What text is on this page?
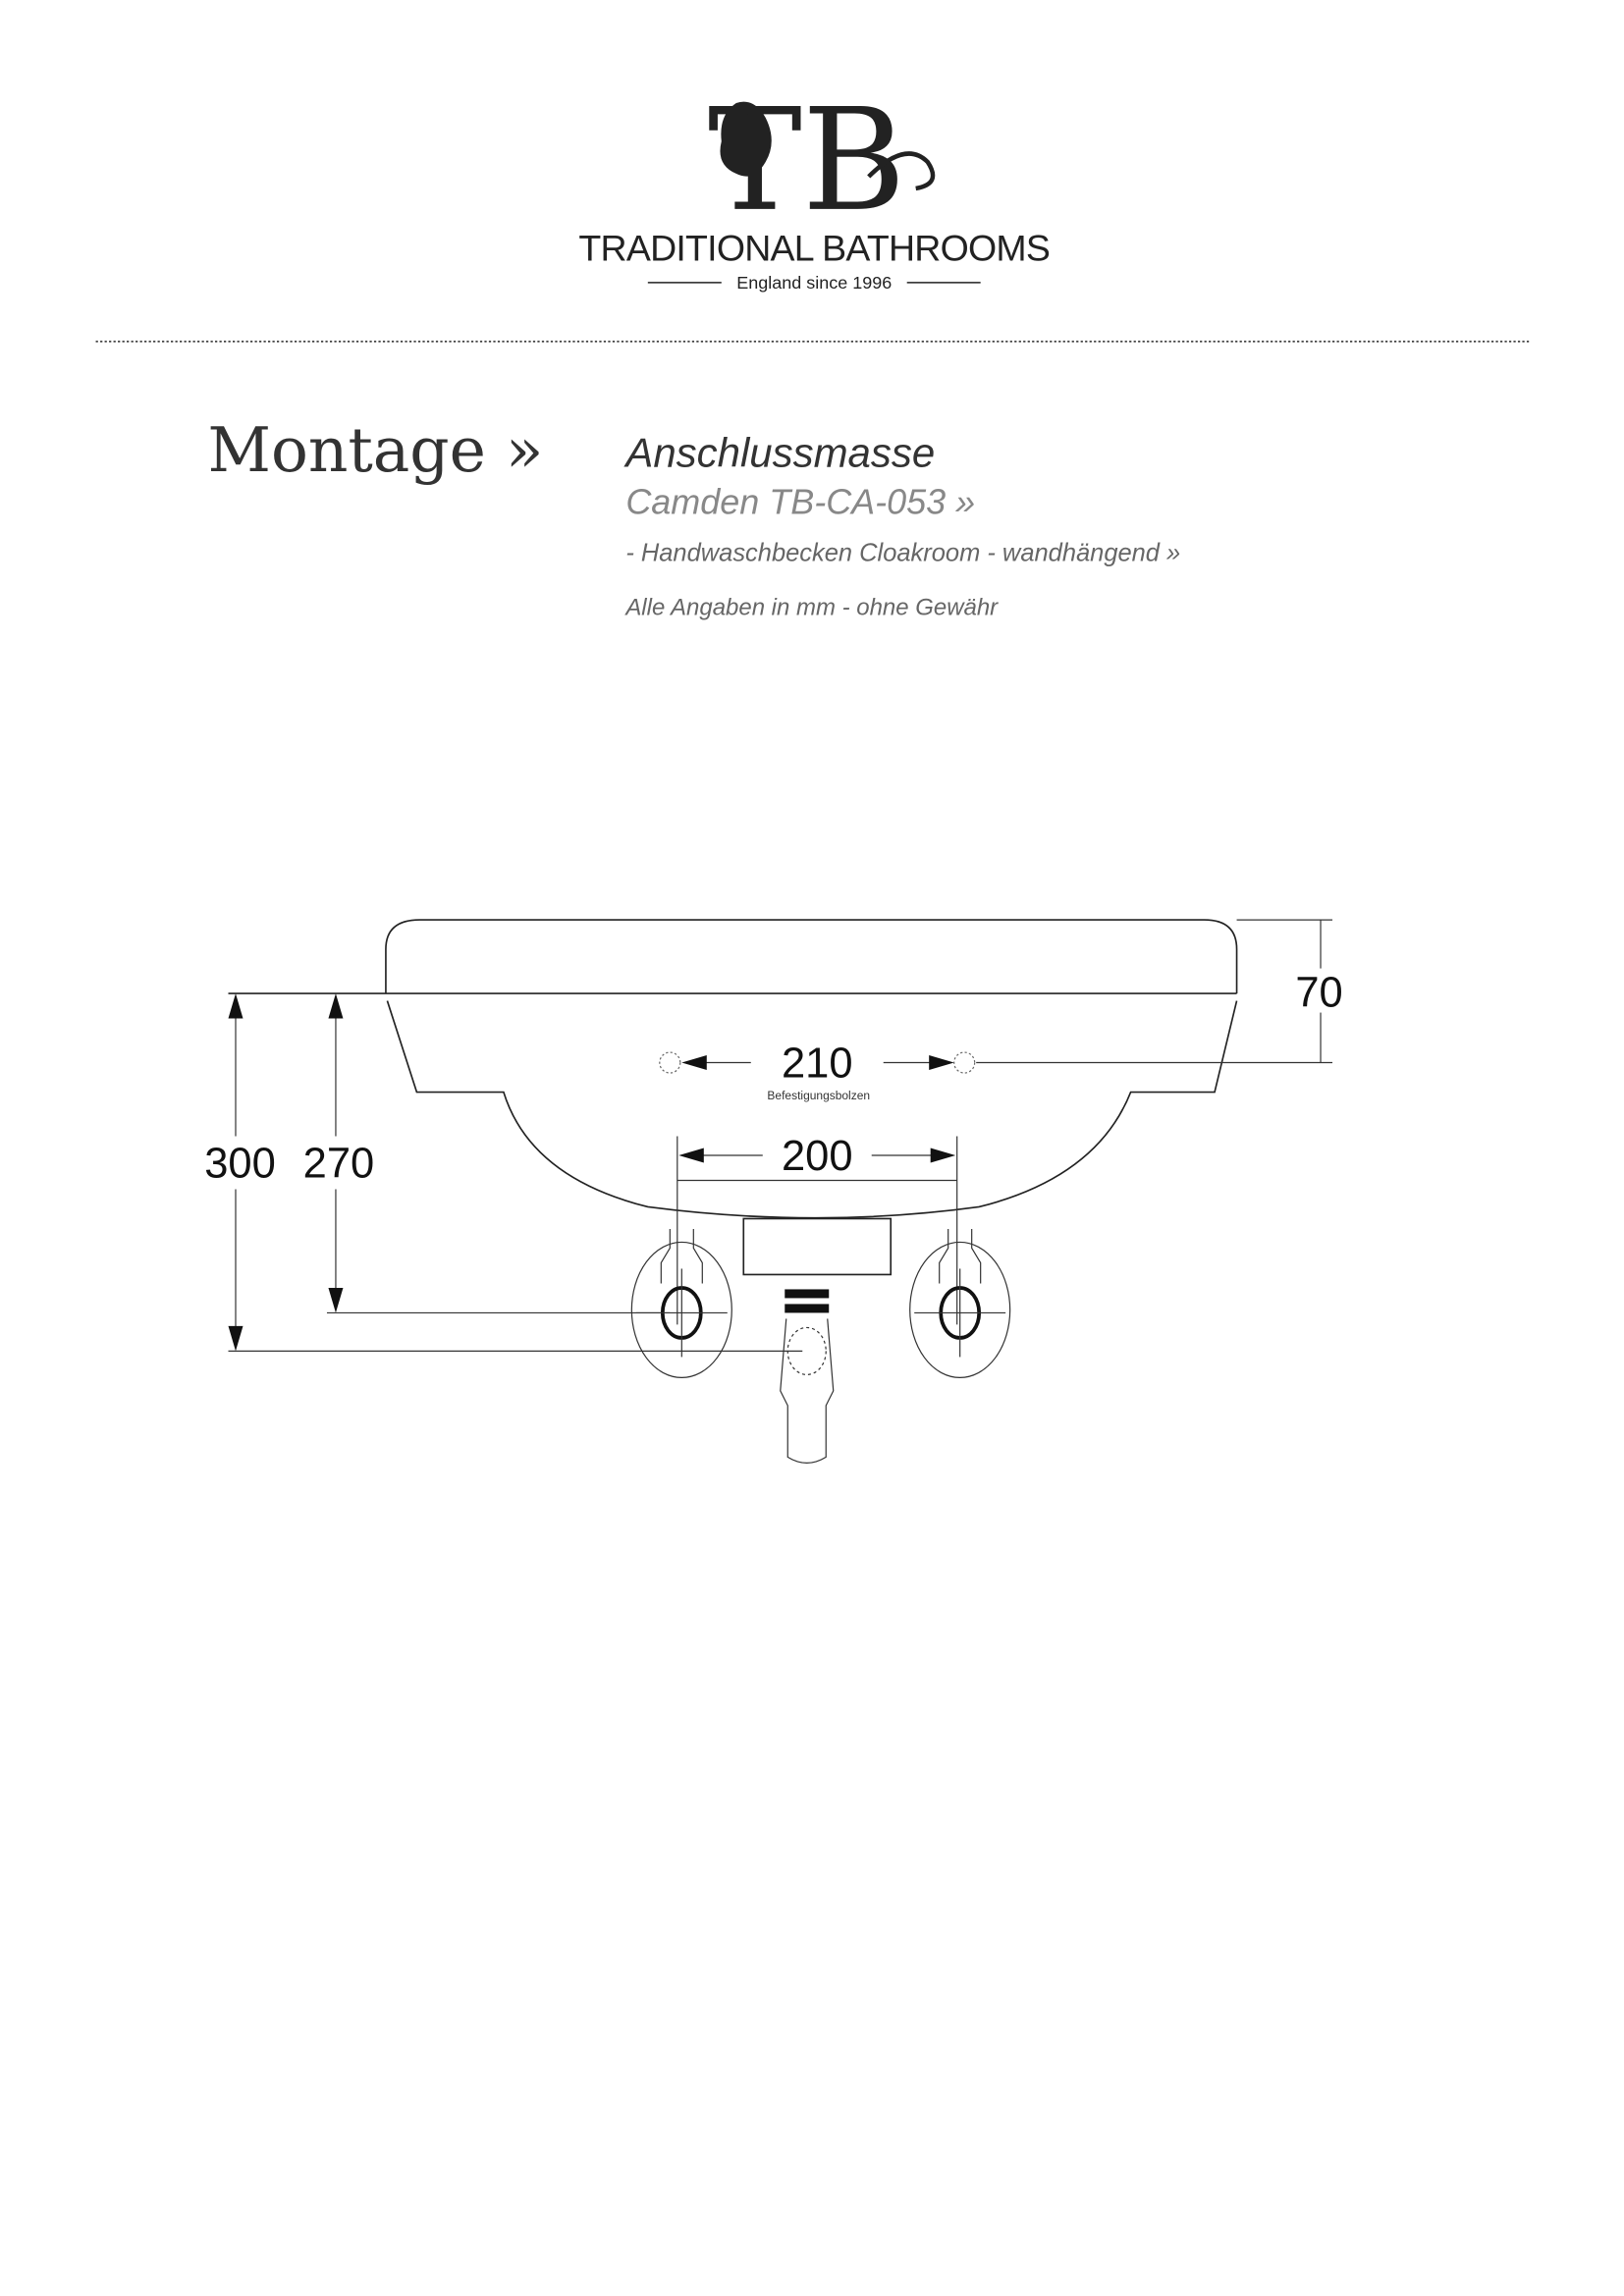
TB
TRADITIONAL BATHROOMS
England since 1996
Montage »	Anschlussmasse
Camden TB-CA-053 »
- Handwaschbecken Cloakroom - wandhängend »
Alle Angaben in mm - ohne Gewähr
210
Befestigungsbolzen
70
200
300 270
